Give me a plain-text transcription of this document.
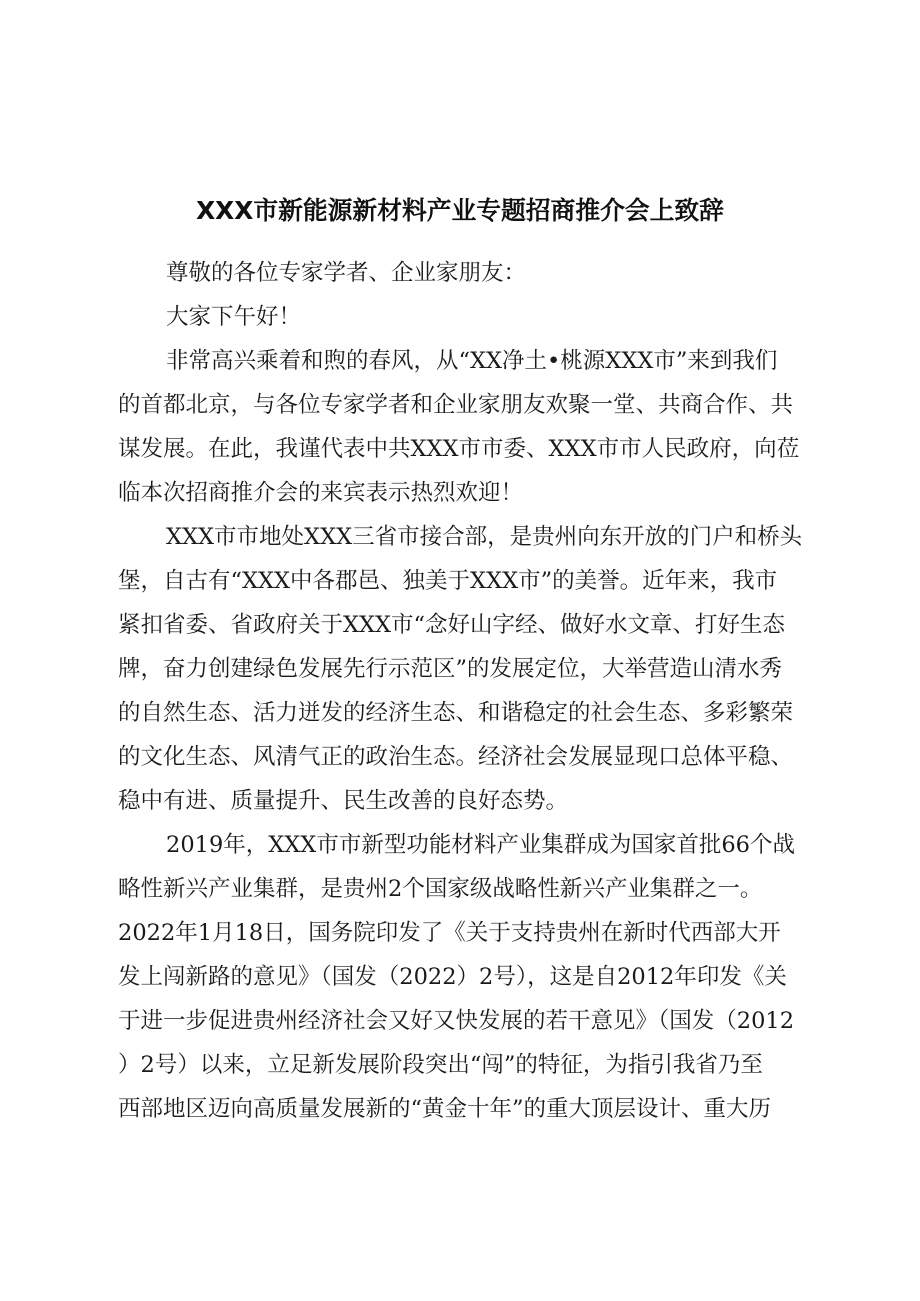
XXX市新能源新材料产业专题招商推介会上致辞
尊敬的各位专家学者、企业家朋友：
大家下午好！
非常高兴乘着和煦的春风，从“XX净土•桃源XXX市”来到我们
的首都北京，与各位专家学者和企业家朋友欢聚一堂、共商合作、共
谋发展。在此，我谨代表中共XXX市市委、XXX市市人民政府，向莅
临本次招商推介会的来宾表示热烈欢迎！
XXX市市地处XXX三省市接合部，是贵州向东开放的门户和桥头
堡，自古有“XXX中各郡邑、独美于XXX市”的美誉。近年来，我市
紧扣省委、省政府关于XXX市“念好山字经、做好水文章、打好生态
牌，奋力创建绿色发展先行示范区”的发展定位，大举营造山清水秀
的自然生态、活力迸发的经济生态、和谐稳定的社会生态、多彩繁荣
的文化生态、风清气正的政治生态。经济社会发展显现口总体平稳、
稳中有进、质量提升、民生改善的良好态势。
2019年，XXX市市新型功能材料产业集群成为国家首批66个战
略性新兴产业集群，是贵州2个国家级战略性新兴产业集群之一。
2022年1月18日，国务院印发了《关于支持贵州在新时代西部大开
发上闯新路的意见》（国发（2022）2号），这是自2012年印发《关
于进一步促进贵州经济社会又好又快发展的若干意见》（国发（2012
）2号）以来，立足新发展阶段突出“闯”的特征，为指引我省乃至
西部地区迈向高质量发展新的“黄金十年”的重大顶层设计、重大历
